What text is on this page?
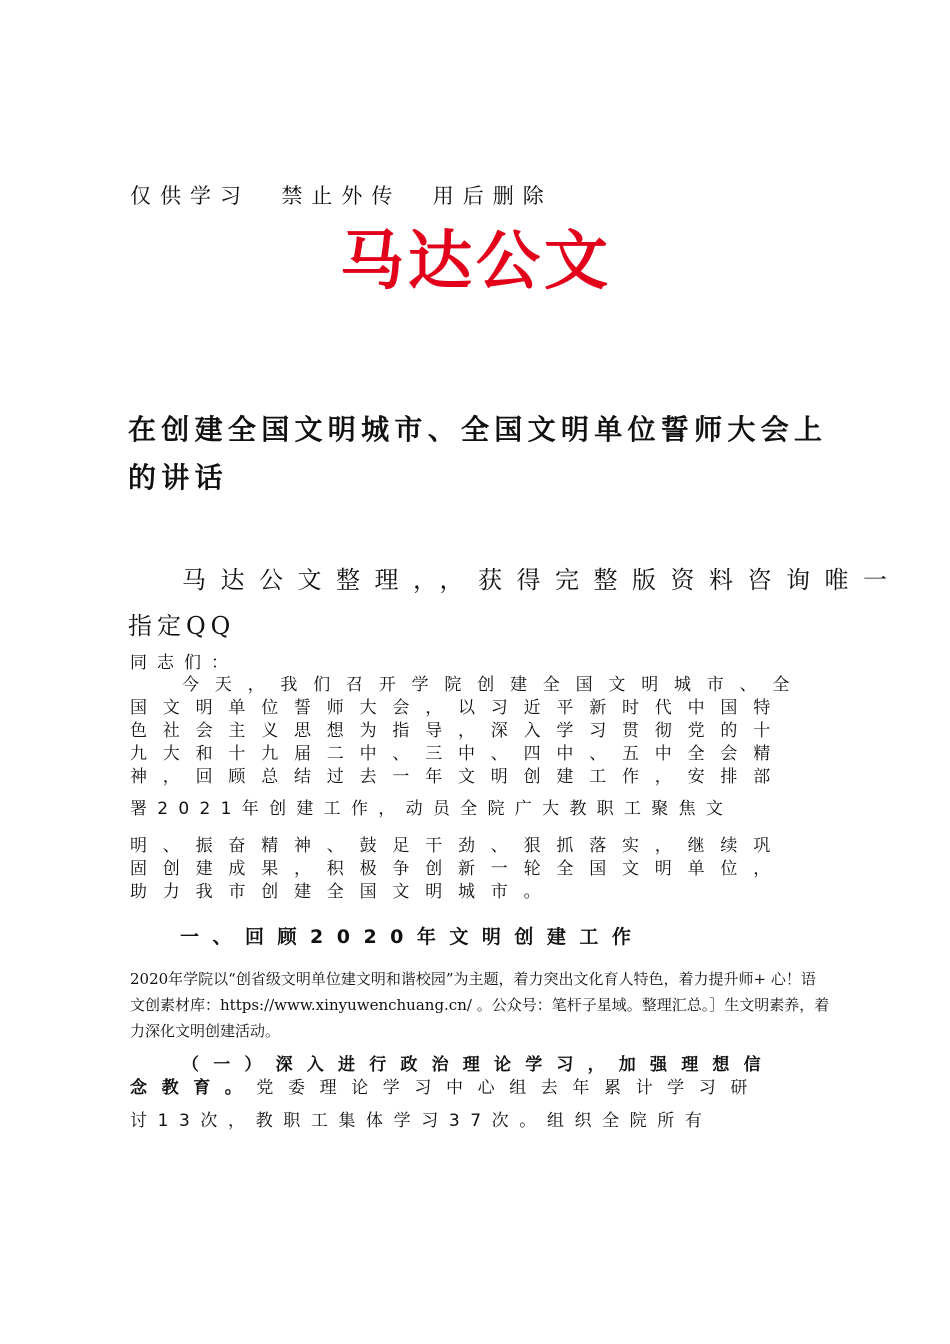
仅供学习  禁止外传  用后删除
马达公文
在创建全国文明城市、全国文明单位誓师大会上的讲话
马达公文整理，，获得完整版资料咨询唯一
指定QQ
同志们：
今天，我们召开学院创建全国文明城市、全
国文明单位誓师大会，以习近平新时代中国特
色社会主义思想为指导，深入学习贯彻党的十
九大和十九届二中、三中、四中、五中全会精
神，回顾总结过去一年文明创建工作，安排部
署2021年创建工作，动员全院广大教职工聚焦文
明、振奋精神、鼓足干劲、狠抓落实，继续巩
固创建成果，积极争创新一轮全国文明单位，
助力我市创建全国文明城市。
一、回顾2020年文明创建工作
2020年学院以“创省级文明单位建文明和谐校园”为主题，着力突出文化育人特色，着力提升师+ 心！语文创素材库：https://www.xinyuwenchuang.cn/ 。公众号：笔杆子星域。整理汇总。］生文明素养，着力深化文明创建活动。
（一）深入进行政治理论学习，加强理想信
念教育。党委理论学习中心组去年累计学习研
讨13次，教职工集体学习37次。组织全院所有
